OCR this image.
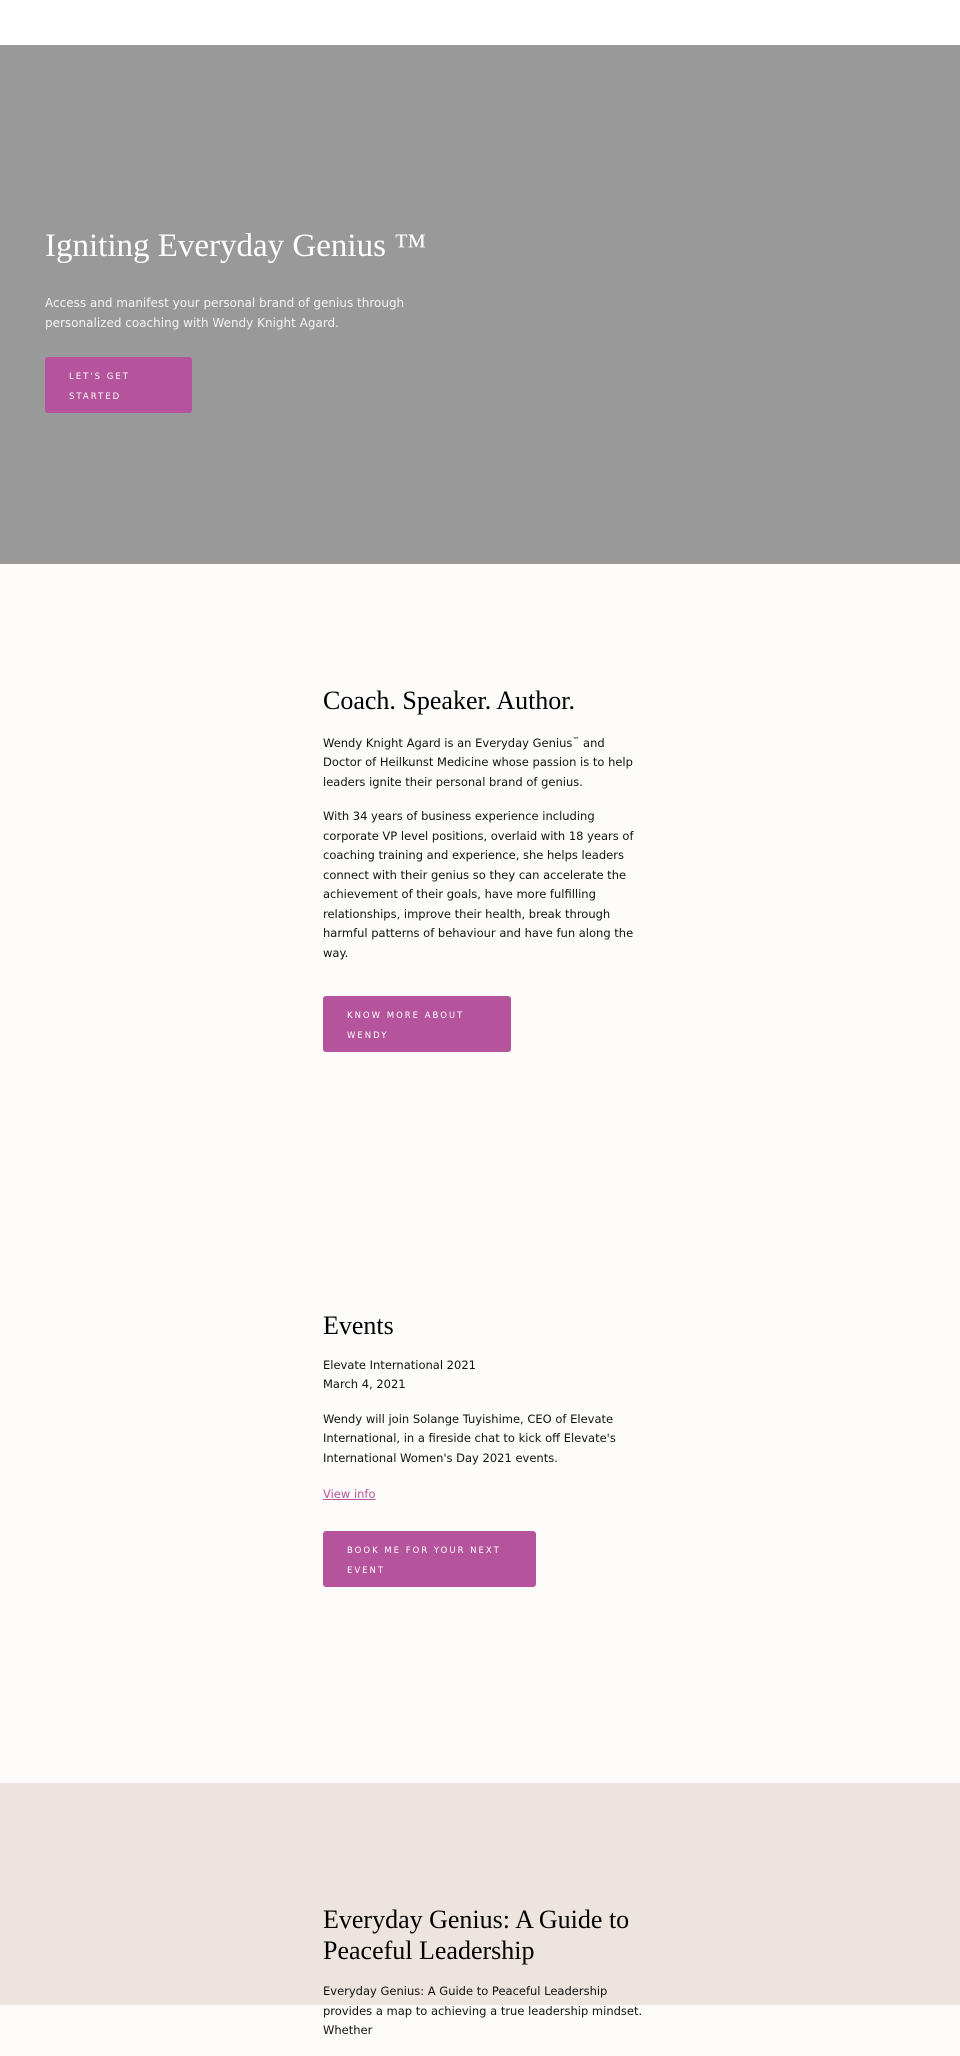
Igniting Everyday Genius ™

Access and manifest your personal brand of genius through personalized coaching with Wendy Knight Agard.

LET'S GET STARTED
Coach. Speaker. Author.

Wendy Knight Agard is an Everyday Genius™ and Doctor of Heilkunst Medicine whose passion is to help leaders ignite their personal brand of genius.

With 34 years of business experience including corporate VP level positions, overlaid with 18 years of coaching training and experience, she helps leaders connect with their genius so they can accelerate the achievement of their goals, have more fulfilling relationships, improve their health, break through harmful patterns of behaviour and have fun along the way.

KNOW MORE ABOUT WENDY
Events

Elevate International 2021
March 4, 2021

Wendy will join Solange Tuyishime, CEO of Elevate International, in a fireside chat to kick off Elevate's International Women's Day 2021 events.

View info
BOOK ME FOR YOUR NEXT EVENT
Everyday Genius: A Guide to Peaceful Leadership

Everyday Genius: A Guide to Peaceful Leadership provides a map to achieving a true leadership mindset. Whether
